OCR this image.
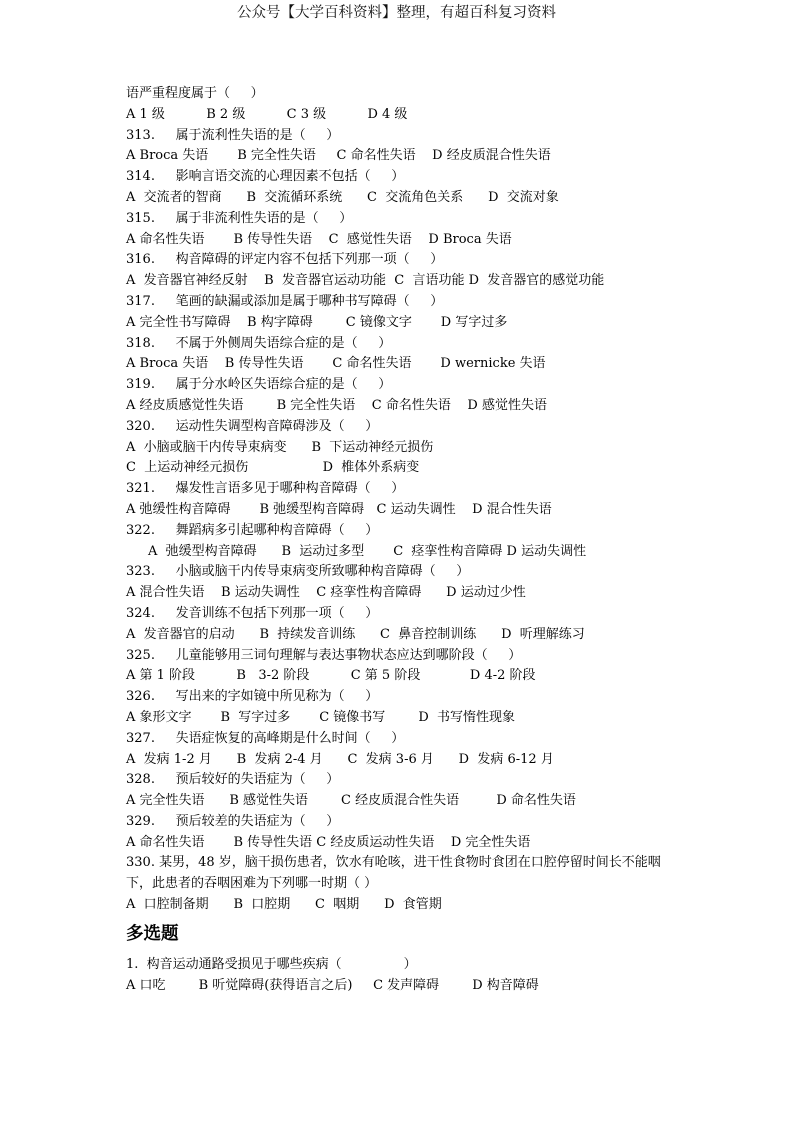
公众号【大学百科资料】整理，有超百科复习资料
语严重程度属于（     ）
A 1 级          B 2 级          C 3 级          D 4 级
313.     属于流利性失语的是（     ）
A Broca 失语       B 完全性失语     C 命名性失语    D 经皮质混合性失语
314.     影响言语交流的心理因素不包括（     ）
A  交流者的智商      B  交流循环系统      C  交流角色关系      D  交流对象
315.     属于非流利性失语的是（     ）
A 命名性失语       B 传导性失语    C  感觉性失语    D Broca 失语
316.     构音障碍的评定内容不包括下列那一项（     ）
A  发音器官神经反射    B  发音器官运动功能  C  言语功能 D  发音器官的感觉功能
317.     笔画的缺漏或添加是属于哪种书写障碍（     ）
A 完全性书写障碍    B 构字障碍        C 镜像文字       D 写字过多
318.     不属于外侧周失语综合症的是（     ）
A Broca 失语    B 传导性失语       C 命名性失语       D wernicke 失语
319.     属于分水岭区失语综合症的是（     ）
A 经皮质感觉性失语        B 完全性失语    C 命名性失语    D 感觉性失语
320.     运动性失调型构音障碍涉及（     ）
A  小脑或脑干内传导束病变      B  下运动神经元损伤
C  上运动神经元损伤                  D  椎体外系病变
321.     爆发性言语多见于哪种构音障碍（     ）
A 弛缓性构音障碍       B 弛缓型构音障碍   C 运动失调性    D 混合性失语
322.     舞蹈病多引起哪种构音障碍（     ）
A  弛缓型构音障碍      B  运动过多型       C  痉挛性构音障碍 D 运动失调性
323.     小脑或脑干内传导束病变所致哪种构音障碍（     ）
A 混合性失语    B 运动失调性    C 痉挛性构音障碍      D 运动过少性
324.     发音训练不包括下列那一项（     ）
A  发音器官的启动      B  持续发音训练      C  鼻音控制训练      D  听理解练习
325.     儿童能够用三词句理解与表达事物状态应达到哪阶段（     ）
A 第 1 阶段          B   3-2 阶段          C 第 5 阶段            D 4-2 阶段
326.     写出来的字如镜中所见称为（     ）
A 象形文字       B  写字过多       C 镜像书写        D  书写惰性现象
327.     失语症恢复的高峰期是什么时间（     ）
A  发病 1-2 月      B  发病 2-4 月      C  发病 3-6 月      D  发病 6-12 月
328.     预后较好的失语症为（     ）
A 完全性失语      B 感觉性失语        C 经皮质混合性失语         D 命名性失语
329.     预后较差的失语症为（     ）
A 命名性失语       B 传导性失语 C 经皮质运动性失语    D 完全性失语
330. 某男，48 岁，脑干损伤患者，饮水有呛咳，进干性食物时食团在口腔停留时间长不能咽下，此患者的吞咽困难为下列哪一时期（ ）
A  口腔制备期      B  口腔期      C  咽期      D  食管期
多选题
1.  构音运动通路受损见于哪些疾病（               ）
A 口吃        B 听觉障碍(获得语言之后)     C 发声障碍        D 构音障碍
